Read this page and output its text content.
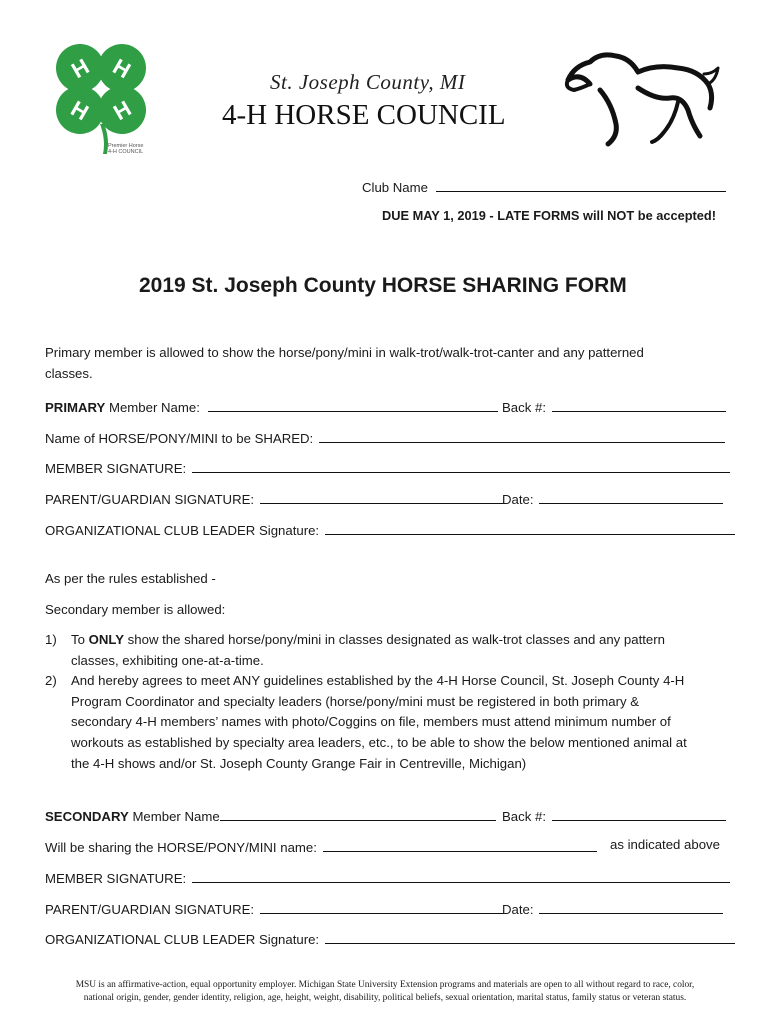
H H
H H
Premier Horse
4-H COUNCIL
St. Joseph County, MI
4-H HORSE COUNCIL
Club Name
DUE MAY 1, 2019 - LATE FORMS will NOT be accepted!
2019 St. Joseph County HORSE SHARING FORM
Primary member is allowed to show the horse/pony/mini in walk-trot/walk-trot-canter and any patterned
classes.
PRIMARY Member Name:	Back #:
Name of HORSE/PONY/MINI to be SHARED:
MEMBER SIGNATURE:
PARENT/GUARDIAN SIGNATURE:	Date:
ORGANIZATIONAL CLUB LEADER Signature:
As per the rules established -
Secondary member is allowed:
1) To ONLY show the shared horse/pony/mini in classes designated as walk-trot classes and any pattern
classes, exhibiting one-at-a-time.
2) And hereby agrees to meet ANY guidelines established by the 4-H Horse Council, St. Joseph County 4-H
Program Coordinator and specialty leaders (horse/pony/mini must be registered in both primary &
secondary 4-H members’ names with photo/Coggins on file, members must attend minimum number of
workouts as established by specialty area leaders, etc., to be able to show the below mentioned animal at
the 4-H shows and/or St. Joseph County Grange Fair in Centreville, Michigan)
SECONDARY Member Name	Back #:
Will be sharing the HORSE/PONY/MINI name:	as indicated above
MEMBER SIGNATURE:
PARENT/GUARDIAN SIGNATURE:	Date:
ORGANIZATIONAL CLUB LEADER Signature:
MSU is an affirmative-action, equal opportunity employer. Michigan State University Extension programs and materials are open to all without regard to race, color,
national origin, gender, gender identity, religion, age, height, weight, disability, political beliefs, sexual orientation, marital status, family status or veteran status.
